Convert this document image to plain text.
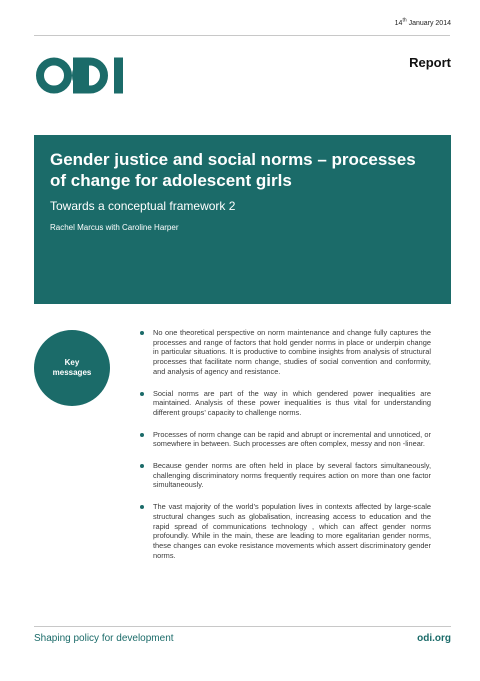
14th January 2014
Report
Gender justice and social norms – processes of change for adolescent girls

Towards a conceptual framework 2

Rachel Marcus with Caroline Harper

Key messages
No one theoretical perspective on norm maintenance and change fully captures the processes and range of factors that hold gender norms in place or underpin change in particular situations. It is productive to combine insights from analysis of structural processes that facilitate norm change, studies of social convention and conformity, and analysis of agency and resistance.
Social norms are part of the way in which gendered power inequalities are maintained. Analysis of these power inequalities is thus vital for understanding different groups’ capacity to challenge norms.
Processes of norm change can be rapid and abrupt or incremental and unnoticed, or somewhere in between. Such processes are often complex, messy and non -linear.
Because gender norms are often held in place by several factors simultaneously, challenging discriminatory norms frequently requires action on more than one factor simultaneously.
The vast majority of the world’s population lives in contexts affected by large-scale structural changes such as globalisation, increasing access to education and the rapid spread of communications technology , which can affect gender norms profoundly. While in the main, these are leading to more egalitarian gender norms, these changes can evoke resistance movements which assert discriminatory gender norms.
Shaping policy for development	odi.org
